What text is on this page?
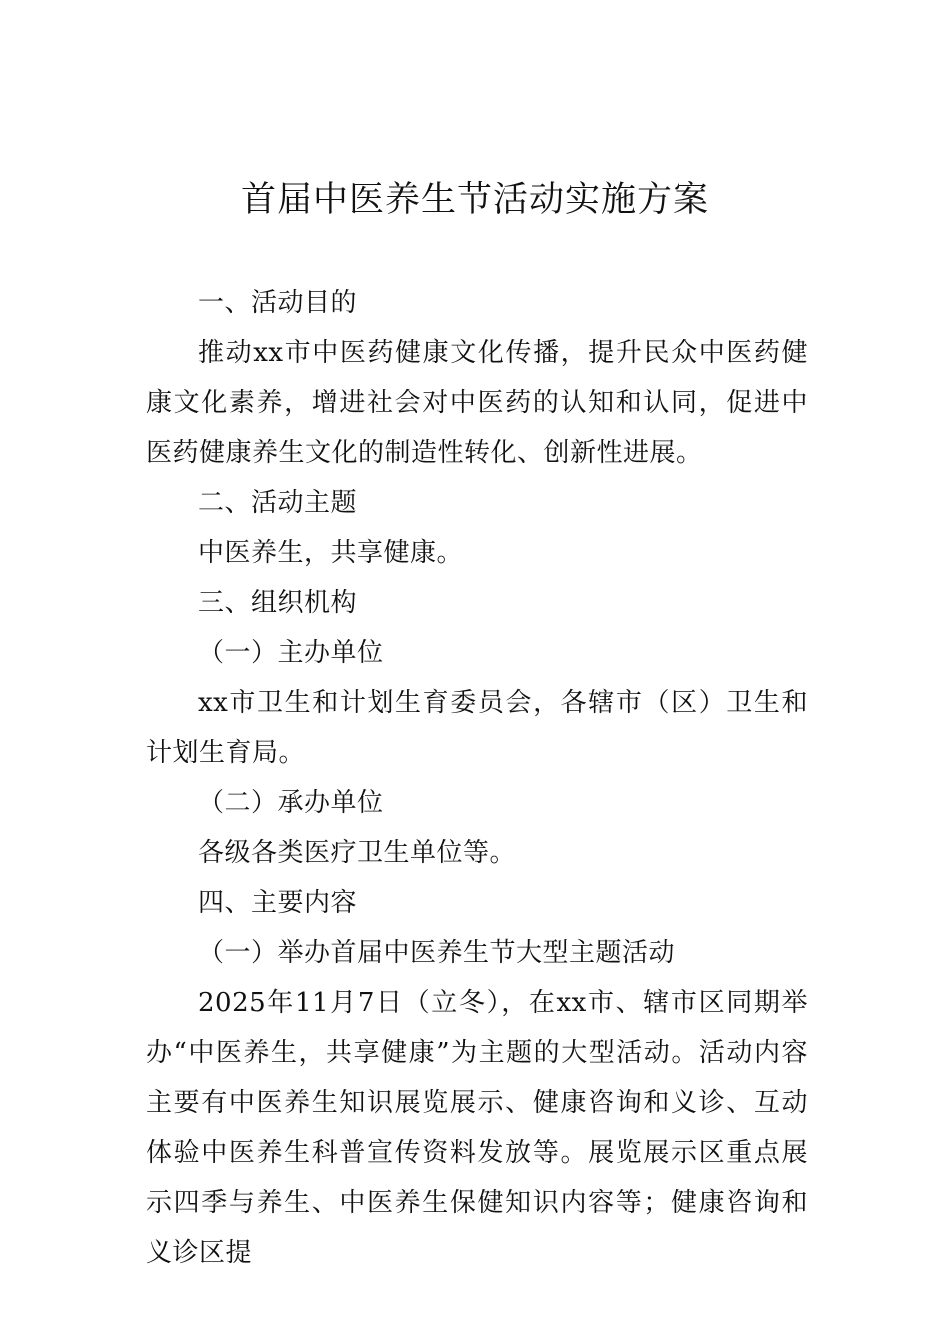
首届中医养生节活动实施方案

一、活动目的

推动xx市中医药健康文化传播，提升民众中医药健康文化素养，增进社会对中医药的认知和认同，促进中医药健康养生文化的制造性转化、创新性进展。

二、活动主题

中医养生，共享健康。

三、组织机构

（一）主办单位

xx市卫生和计划生育委员会，各辖市（区）卫生和计划生育局。

（二）承办单位

各级各类医疗卫生单位等。

四、主要内容

（一）举办首届中医养生节大型主题活动

2025年11月7日（立冬），在xx市、辖市区同期举办“中医养生，共享健康”为主题的大型活动。活动内容主要有中医养生知识展览展示、健康咨询和义诊、互动体验中医养生科普宣传资料发放等。展览展示区重点展示四季与养生、中医养生保健知识内容等；健康咨询和义诊区提
